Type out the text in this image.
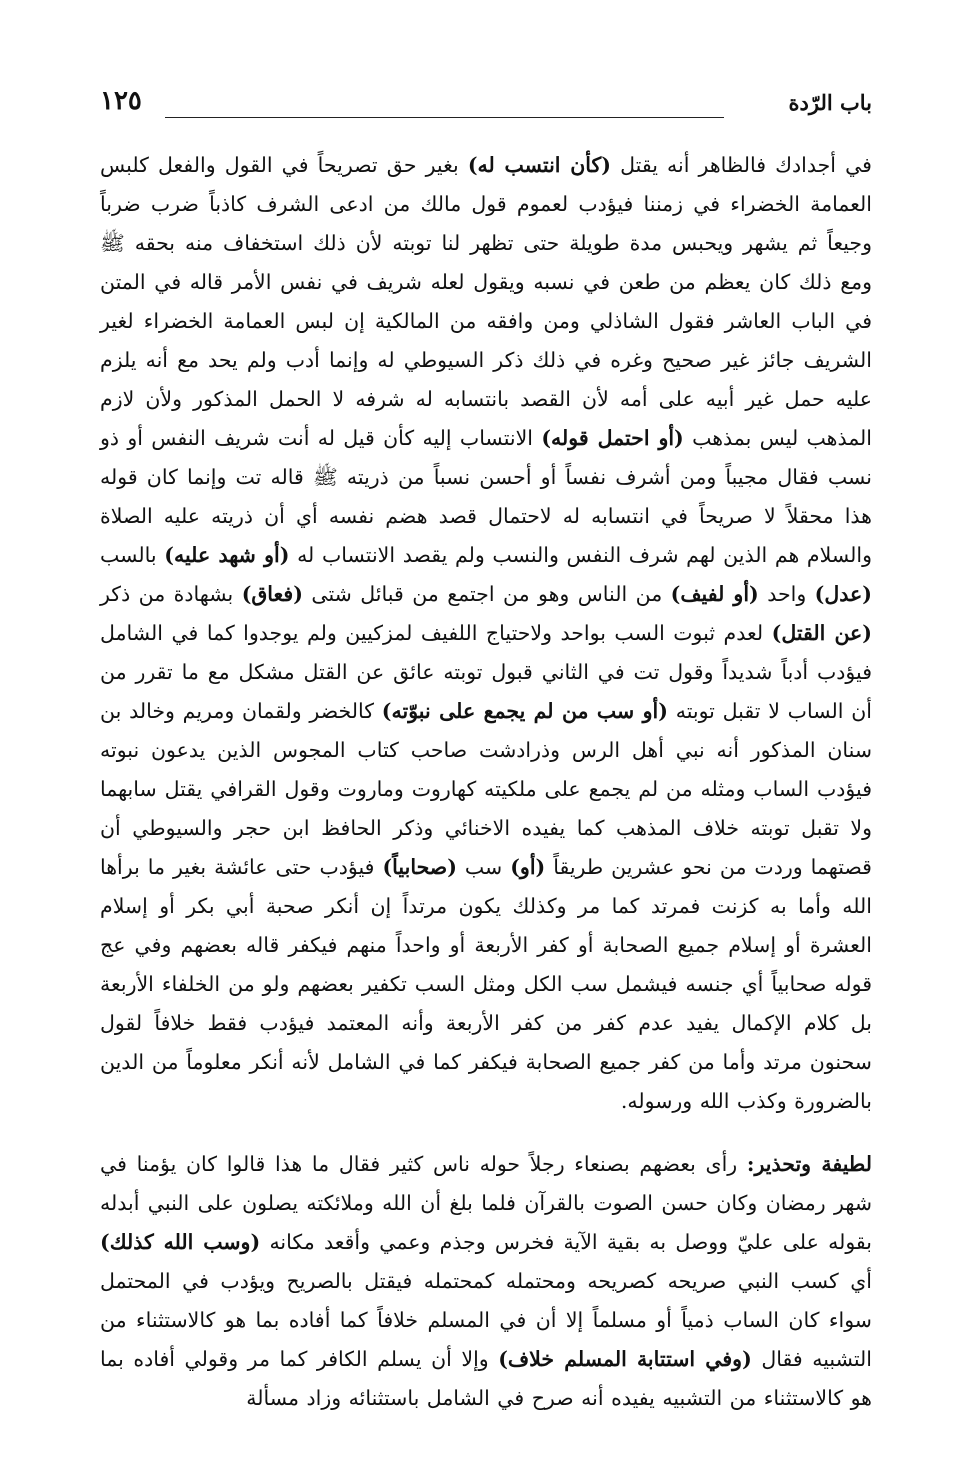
باب الرّدة
١٢٥

في أجدادك فالظاهر أنه يقتل (كأن انتسب له) بغير حق تصريحاً في القول والفعل كلبس العمامة الخضراء في زمننا فيؤدب لعموم قول مالك من ادعى الشرف كاذباً ضرب ضرباً وجيعاً ثم يشهر ويحبس مدة طويلة حتى تظهر لنا توبته لأن ذلك استخفاف منه بحقه ﷺ ومع ذلك كان يعظم من طعن في نسبه ويقول لعله شريف في نفس الأمر قاله في المتن في الباب العاشر فقول الشاذلي ومن وافقه من المالكية إن لبس العمامة الخضراء لغير الشريف جائز غير صحيح وغره في ذلك ذكر السيوطي له وإنما أدب ولم يحد مع أنه يلزم عليه حمل غير أبيه على أمه لأن القصد بانتسابه له شرفه لا الحمل المذكور ولأن لازم المذهب ليس بمذهب (أو احتمل قوله) الانتساب إليه كأن قيل له أنت شريف النفس أو ذو نسب فقال مجيباً ومن أشرف نفساً أو أحسن نسباً من ذريته ﷺ قاله تت وإنما كان قوله هذا محقلاً لا صريحاً في انتسابه له لاحتمال قصد هضم نفسه أي أن ذريته عليه الصلاة والسلام هم الذين لهم شرف النفس والنسب ولم يقصد الانتساب له (أو شهد عليه) بالسب (عدل) واحد (أو لفيف) من الناس وهو من اجتمع من قبائل شتى (فعاق) بشهادة من ذكر (عن القتل) لعدم ثبوت السب بواحد ولاحتياج اللفيف لمزكيين ولم يوجدوا كما في الشامل فيؤدب أدباً شديداً وقول تت في الثاني قبول توبته عائق عن القتل مشكل مع ما تقرر من أن الساب لا تقبل توبته (أو سب من لم يجمع على نبوّته) كالخضر ولقمان ومريم وخالد بن سنان المذكور أنه نبي أهل الرس وذرادشت صاحب كتاب المجوس الذين يدعون نبوته فيؤدب الساب ومثله من لم يجمع على ملكيته كهاروت وماروت وقول القرافي يقتل سابهما ولا تقبل توبته خلاف المذهب كما يفيده الاخنائي وذكر الحافظ ابن حجر والسيوطي أن قصتهما وردت من نحو عشرين طريقاً (أو) سب (صحابياً) فيؤدب حتى عائشة بغير ما برأها الله وأما به كزنت فمرتد كما مر وكذلك يكون مرتداً إن أنكر صحبة أبي بكر أو إسلام العشرة أو إسلام جميع الصحابة أو كفر الأربعة أو واحداً منهم فيكفر قاله بعضهم وفي عج قوله صحابياً أي جنسه فيشمل سب الكل ومثل السب تكفير بعضهم ولو من الخلفاء الأربعة بل كلام الإكمال يفيد عدم كفر من كفر الأربعة وأنه المعتمد فيؤدب فقط خلافاً لقول سحنون مرتد وأما من كفر جميع الصحابة فيكفر كما في الشامل لأنه أنكر معلوماً من الدين بالضرورة وكذب الله ورسوله.

لطيفة وتحذير: رأى بعضهم بصنعاء رجلاً حوله ناس كثير فقال ما هذا قالوا كان يؤمنا في شهر رمضان وكان حسن الصوت بالقرآن فلما بلغ أن الله وملائكته يصلون على النبي أبدله بقوله على عليّ ووصل به بقية الآية فخرس وجذم وعمي وأقعد مكانه (وسب الله كذلك) أي كسب النبي صريحه كصريحه ومحتمله كمحتمله فيقتل بالصريح ويؤدب في المحتمل سواء كان الساب ذمياً أو مسلماً إلا أن في المسلم خلافاً كما أفاده بما هو كالاستثناء من التشبيه فقال (وفي استتابة المسلم خلاف) وإلا أن يسلم الكافر كما مر وقولي أفاده بما هو كالاستثناء من التشبيه يفيده أنه صرح في الشامل باستثنائه وزاد مسألة
